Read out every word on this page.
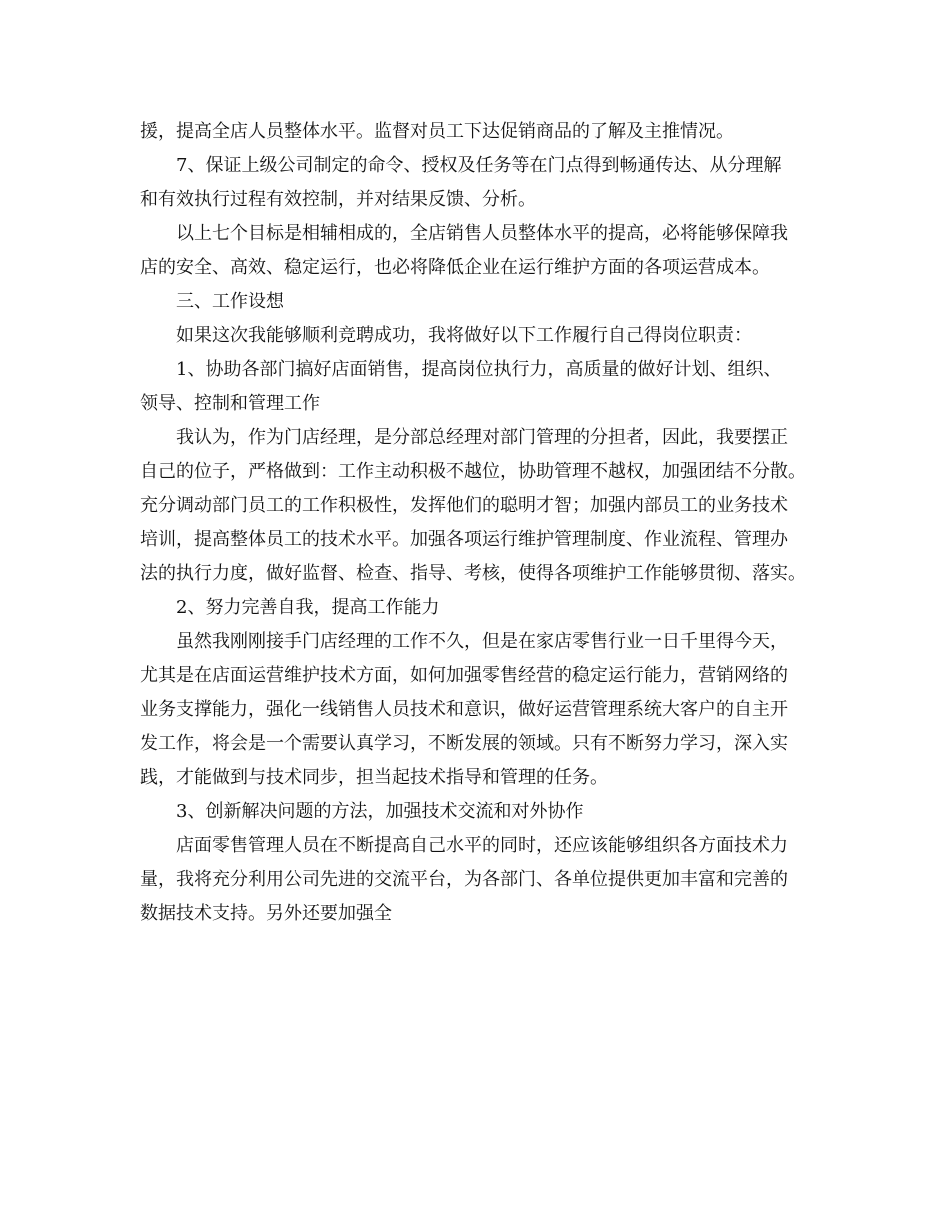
援，提高全店人员整体水平。监督对员工下达促销商品的了解及主推情况。
7、保证上级公司制定的命令、授权及任务等在门点得到畅通传达、从分理解
和有效执行过程有效控制，并对结果反馈、分析。
以上七个目标是相辅相成的，全店销售人员整体水平的提高，必将能够保障我
店的安全、高效、稳定运行，也必将降低企业在运行维护方面的各项运营成本。
三、工作设想
如果这次我能够顺利竞聘成功，我将做好以下工作履行自己得岗位职责：
1、协助各部门搞好店面销售，提高岗位执行力，高质量的做好计划、组织、
领导、控制和管理工作
我认为，作为门店经理，是分部总经理对部门管理的分担者，因此，我要摆正
自己的位子，严格做到：工作主动积极不越位，协助管理不越权，加强团结不分散。
充分调动部门员工的工作积极性，发挥他们的聪明才智；加强内部员工的业务技术
培训，提高整体员工的技术水平。加强各项运行维护管理制度、作业流程、管理办
法的执行力度，做好监督、检查、指导、考核，使得各项维护工作能够贯彻、落实。
2、努力完善自我，提高工作能力
虽然我刚刚接手门店经理的工作不久，但是在家店零售行业一日千里得今天，
尤其是在店面运营维护技术方面，如何加强零售经营的稳定运行能力，营销网络的
业务支撑能力，强化一线销售人员技术和意识，做好运营管理系统大客户的自主开
发工作，将会是一个需要认真学习，不断发展的领域。只有不断努力学习，深入实
践，才能做到与技术同步，担当起技术指导和管理的任务。
3、创新解决问题的方法，加强技术交流和对外协作
店面零售管理人员在不断提高自己水平的同时，还应该能够组织各方面技术力
量，我将充分利用公司先进的交流平台，为各部门、各单位提供更加丰富和完善的
数据技术支持。另外还要加强全
